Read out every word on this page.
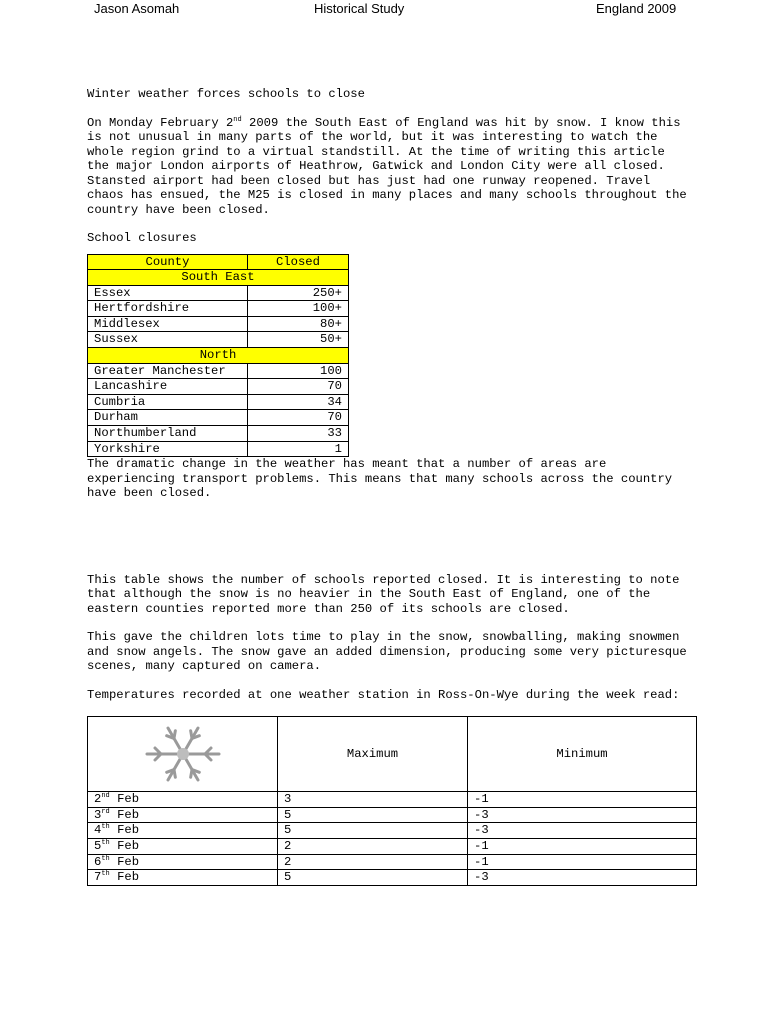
Jason Asomah	Historical Study	England 2009

Winter weather forces schools to close

On Monday February 2nd 2009 the South East of England was hit by snow. I know this is not unusual in many parts of the world, but it was interesting to watch the whole region grind to a virtual standstill. At the time of writing this article the major London airports of Heathrow, Gatwick and London City were all closed. Stansted airport had been closed but has just had one runway reopened. Travel chaos has ensued, the M25 is closed in many places and many schools throughout the country have been closed.

School closures

County	Closed
South East	
Essex	250+
Hertfordshire	100+
Middlesex	80+
Sussex	50+
North	
Greater Manchester	100
Lancashire	70
Cumbria	34
Durham	70
Northumberland	33
Yorkshire	1

The dramatic change in the weather has meant that a number of areas are experiencing transport problems. This means that many schools across the country have been closed.

This table shows the number of schools reported closed. It is interesting to note that although the snow is no heavier in the South East of England, one of the eastern counties reported more than 250 of its schools are closed.

This gave the children lots time to play in the snow, snowballing, making snowmen and snow angels. The snow gave an added dimension, producing some very picturesque scenes, many captured on camera.

Temperatures recorded at one weather station in Ross-On-Wye during the week read:

	Maximum	Minimum
2nd Feb	3	-1
3rd Feb	5	-3
4th Feb	5	-3
5th Feb	2	-1
6th Feb	2	-1
7th Feb	5	-3
